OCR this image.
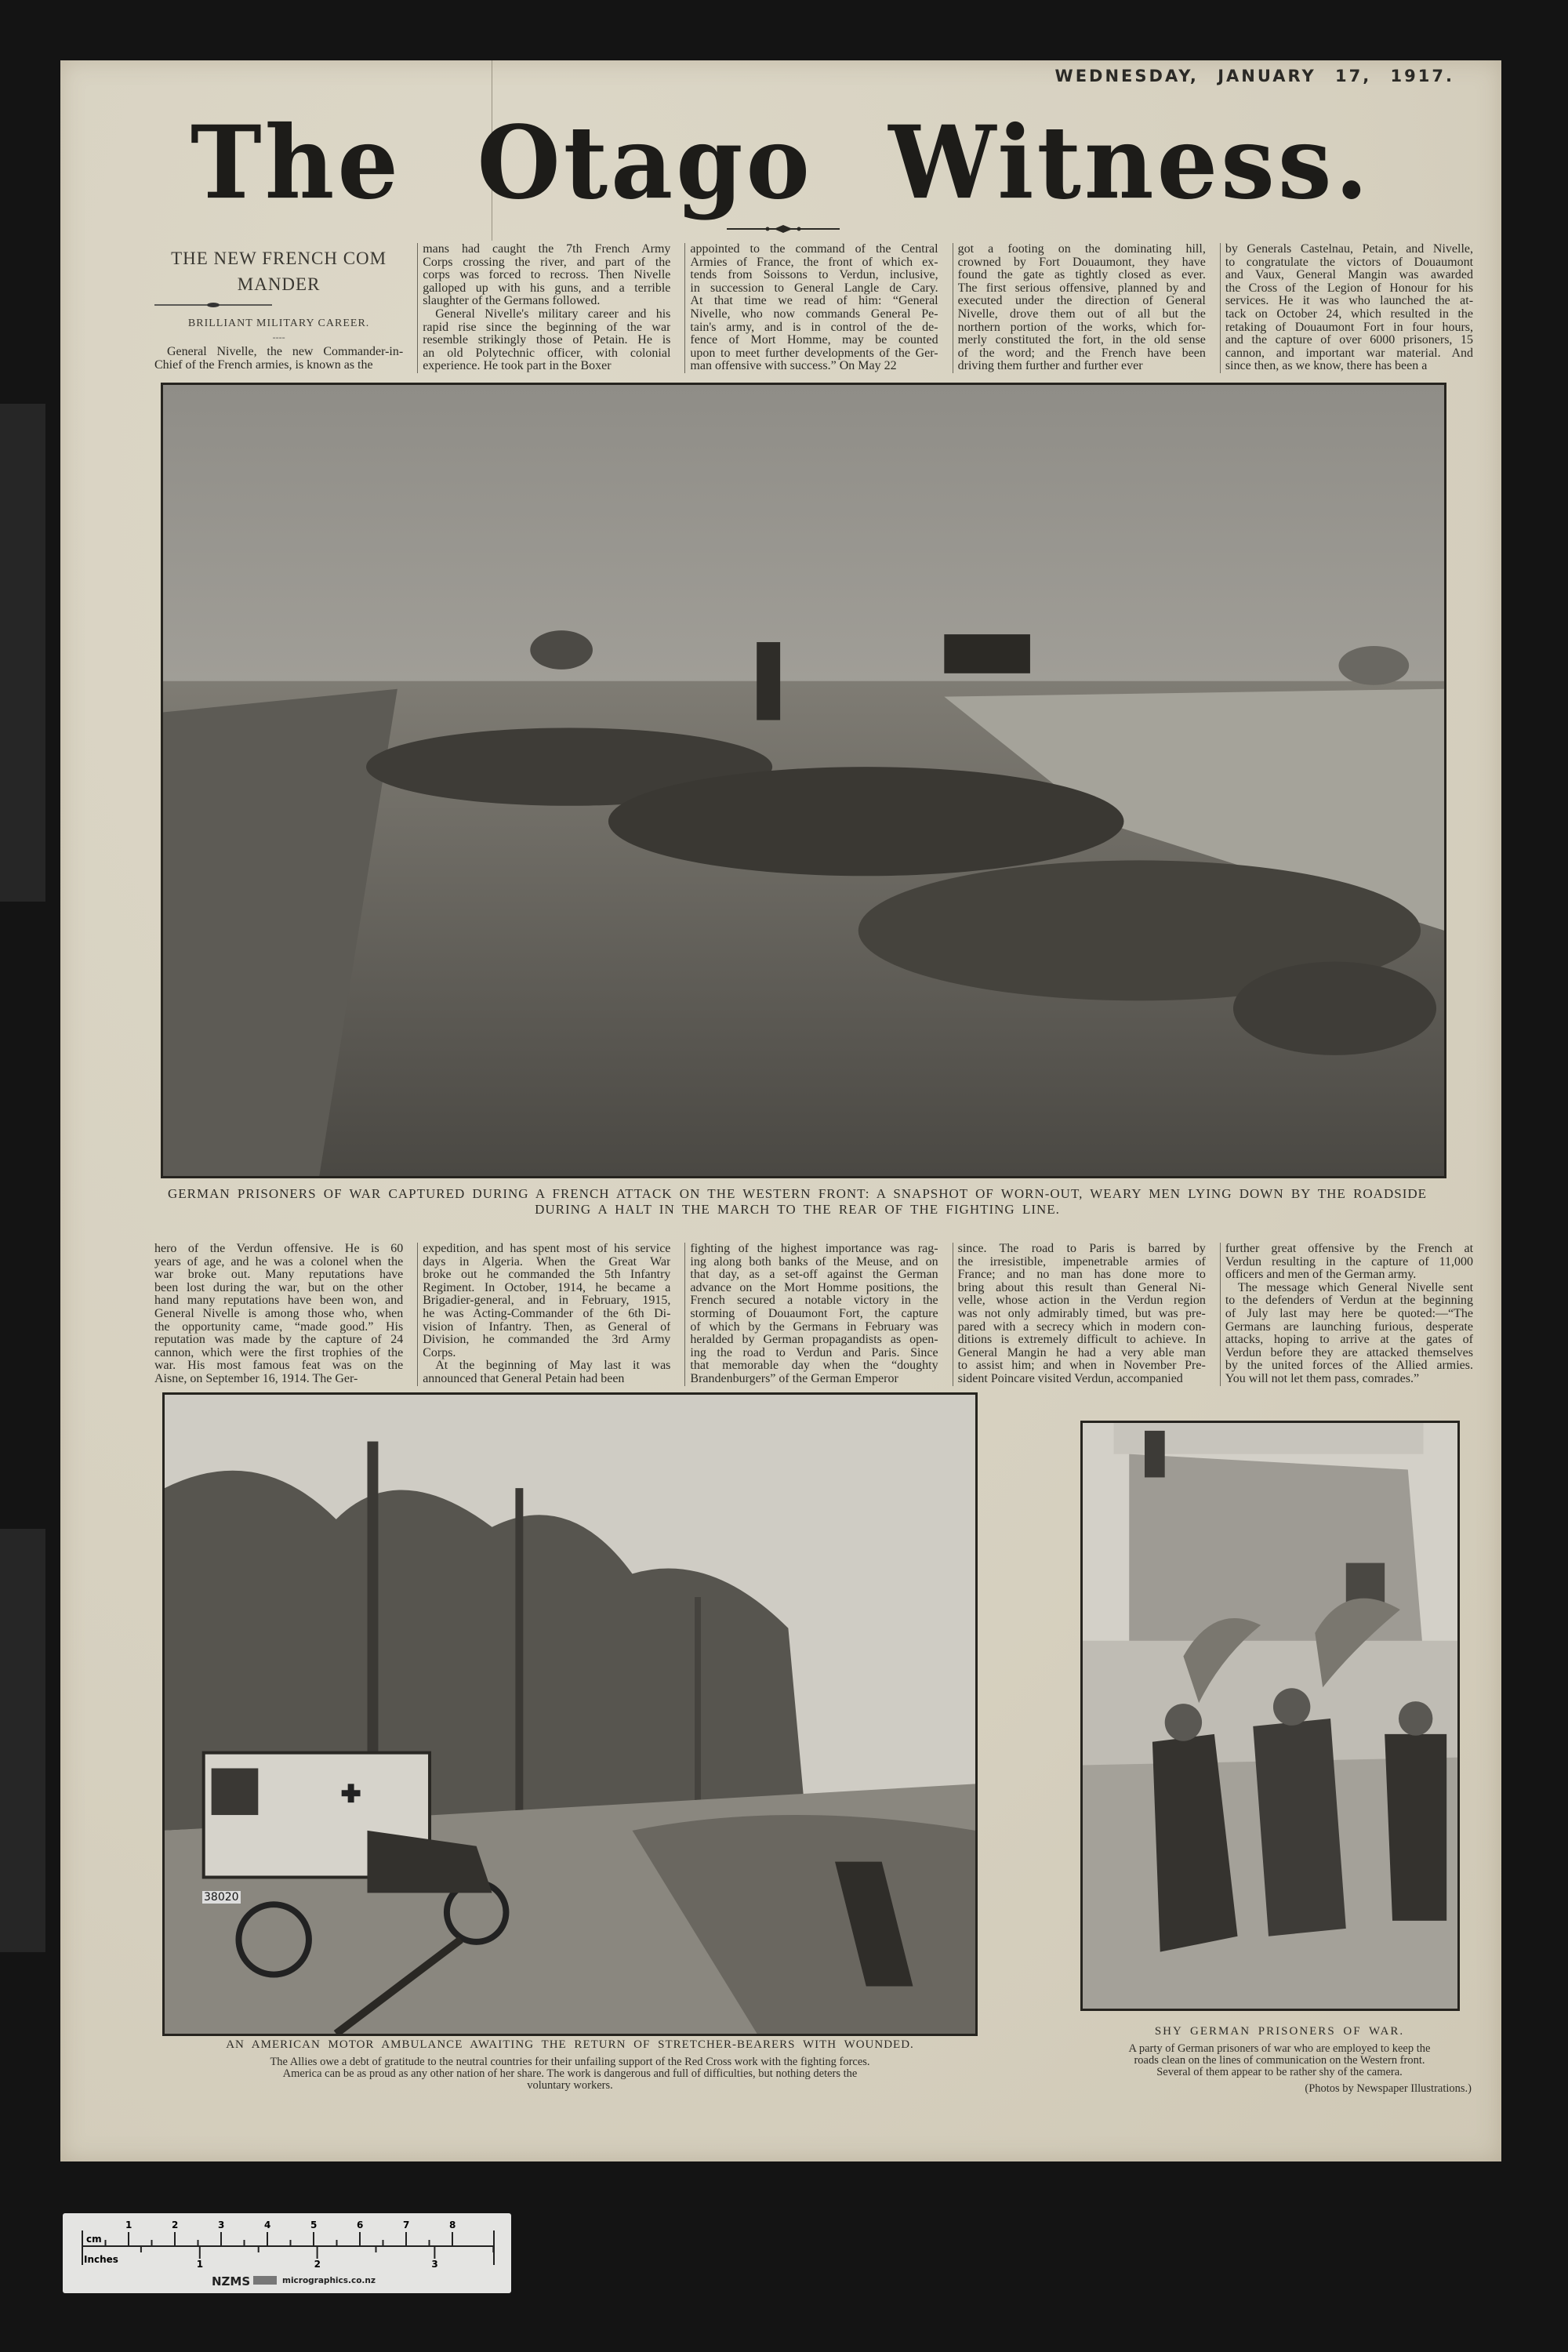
WEDNESDAY, JANUARY 17, 1917.
The Otago Witness.
THE NEW FRENCH COM
MANDER
BRILLIANT MILITARY CAREER.
----
General Nivelle, the new Commander-in-
Chief of the French armies, is known as the
mans had caught the 7th French Army
Corps crossing the river, and part of the
corps was forced to recross. Then Nivelle
galloped up with his guns, and a terrible
slaughter of the Germans followed.
General Nivelle's military career and his
rapid rise since the beginning of the war
resemble strikingly those of Petain. He is
an old Polytechnic officer, with colonial
experience. He took part in the Boxer
appointed to the command of the Central
Armies of France, the front of which ex-
tends from Soissons to Verdun, inclusive,
in succession to General Langle de Cary.
At that time we read of him: “General
Nivelle, who now commands General Pe-
tain's army, and is in control of the de-
fence of Mort Homme, may be counted
upon to meet further developments of the Ger-
man offensive with success.” On May 22
got a footing on the dominating hill,
crowned by Fort Douaumont, they have
found the gate as tightly closed as ever.
The first serious offensive, planned by and
executed under the direction of General
Nivelle, drove them out of all but the
northern portion of the works, which for-
merly constituted the fort, in the old sense
of the word; and the French have been
driving them further and further ever
by Generals Castelnau, Petain, and Nivelle,
to congratulate the victors of Douaumont
and Vaux, General Mangin was awarded
the Cross of the Legion of Honour for his
services. He it was who launched the at-
tack on October 24, which resulted in the
retaking of Douaumont Fort in four hours,
and the capture of over 6000 prisoners, 15
cannon, and important war material. And
since then, as we know, there has been a
GERMAN PRISONERS OF WAR CAPTURED DURING A FRENCH ATTACK ON THE WESTERN FRONT: A SNAPSHOT OF WORN-OUT, WEARY MEN LYING DOWN BY THE ROADSIDE
DURING A HALT IN THE MARCH TO THE REAR OF THE FIGHTING LINE.
hero of the Verdun offensive. He is 60
years of age, and he was a colonel when the
war broke out. Many reputations have
been lost during the war, but on the other
hand many reputations have been won, and
General Nivelle is among those who, when
the opportunity came, “made good.” His
reputation was made by the capture of 24
cannon, which were the first trophies of the
war. His most famous feat was on the
Aisne, on September 16, 1914. The Ger-
expedition, and has spent most of his service
days in Algeria. When the Great War
broke out he commanded the 5th Infantry
Regiment. In October, 1914, he became a
Brigadier-general, and in February, 1915,
he was Acting-Commander of the 6th Di-
vision of Infantry. Then, as General of
Division, he commanded the 3rd Army
Corps.
At the beginning of May last it was
announced that General Petain had been
fighting of the highest importance was rag-
ing along both banks of the Meuse, and on
that day, as a set-off against the German
advance on the Mort Homme positions, the
French secured a notable victory in the
storming of Douaumont Fort, the capture
of which by the Germans in February was
heralded by German propagandists as open-
ing the road to Verdun and Paris. Since
that memorable day when the “doughty
Brandenburgers” of the German Emperor
since. The road to Paris is barred by
the irresistible, impenetrable armies of
France; and no man has done more to
bring about this result than General Ni-
velle, whose action in the Verdun region
was not only admirably timed, but was pre-
pared with a secrecy which in modern con-
ditions is extremely difficult to achieve. In
General Mangin he had a very able man
to assist him; and when in November Pre-
sident Poincare visited Verdun, accompanied
further great offensive by the French at
Verdun resulting in the capture of 11,000
officers and men of the German army.
The message which General Nivelle sent
to the defenders of Verdun at the beginning
of July last may here be quoted:—“The
Germans are launching furious, desperate
attacks, hoping to arrive at the gates of
Verdun before they are attacked themselves
by the united forces of the Allied armies.
You will not let them pass, comrades.”
38020
AN AMERICAN MOTOR AMBULANCE AWAITING THE RETURN OF STRETCHER-BEARERS WITH WOUNDED.
The Allies owe a debt of gratitude to the neutral countries for their unfailing support of the Red Cross work with the fighting forces.
America can be as proud as any other nation of her share. The work is dangerous and full of difficulties, but nothing deters the
voluntary workers.
SHY GERMAN PRISONERS OF WAR.
A party of German prisoners of war who are employed to keep the
roads clean on the lines of communication on the Western front.
Several of them appear to be rather shy of the camera.
(Photos by Newspaper Illustrations.)
cm
Inches
1	2	3	4	5	6	7	8
1	2	3
NZMS	micrographics.co.nz
